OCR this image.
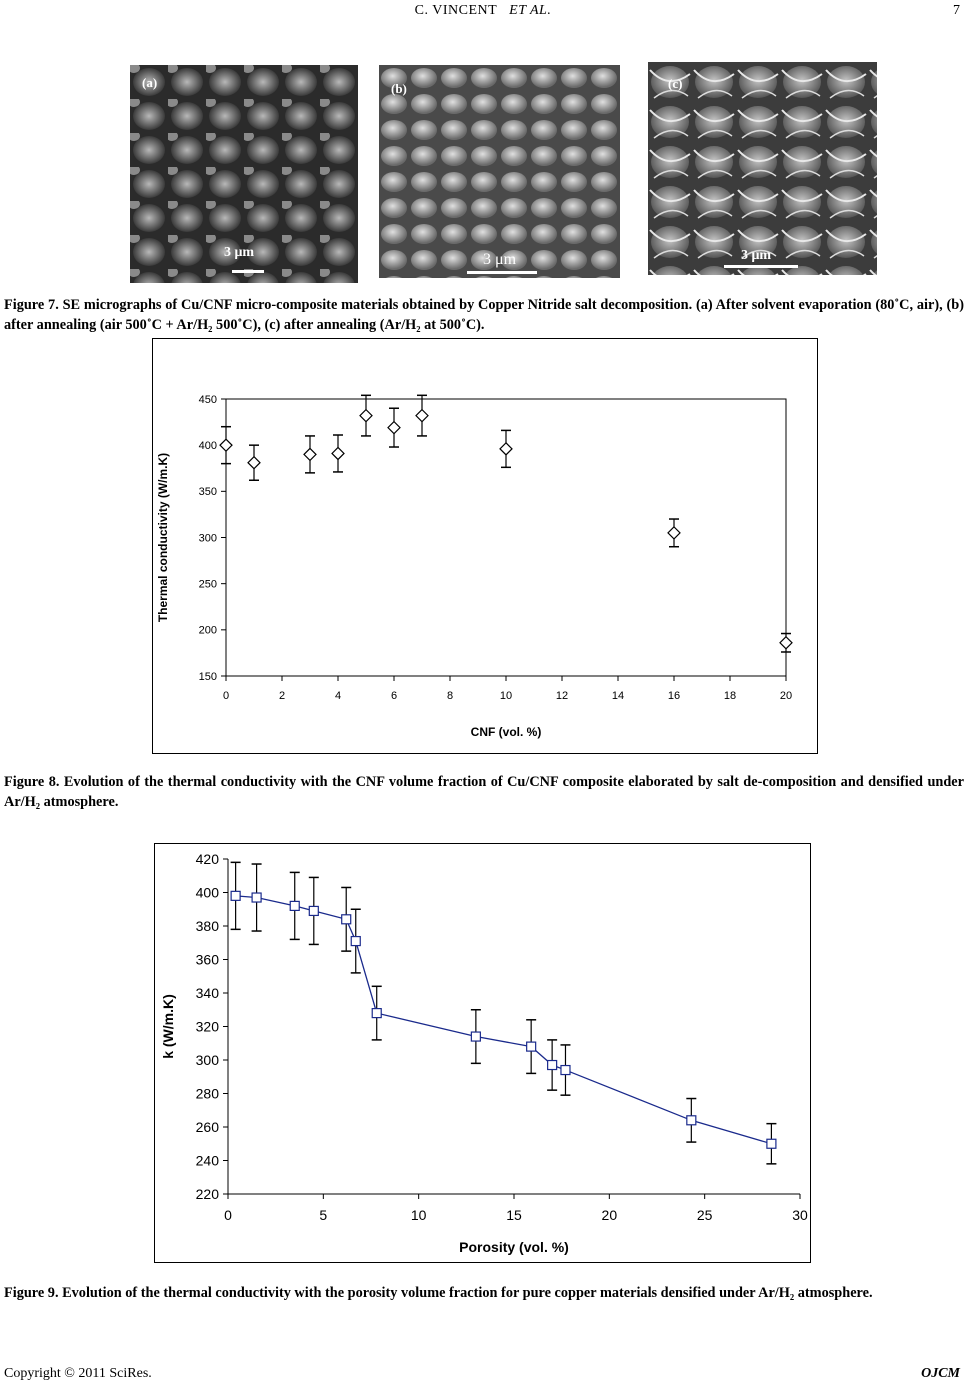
C. VINCENT ET AL.	7
(a)
3 μm
(b)
3 μm
(c)
3 μm
Figure 7. SE micrographs of Cu/CNF micro-composite materials obtained by Copper Nitride salt decomposition. (a) After solvent evaporation (80˚C, air), (b) after annealing (air 500˚C + Ar/H₂ 500˚C), (c) after annealing (Ar/H₂ at 500˚C).
150
200
250
300
350
400
450
0	2	4	6	8	10	12	14	16	18	20
CNF (vol. %)
Thermal conductivity (W/m.K)
Figure 8. Evolution of the thermal conductivity with the CNF volume fraction of Cu/CNF composite elaborated by salt de-composition and densified under Ar/H₂ atmosphere.
220
240
260
280
300
320
340
360
380
400
420
0	5	10	15	20	25	30
Porosity (vol. %)
k (W/m.K)
Figure 9. Evolution of the thermal conductivity with the porosity volume fraction for pure copper materials densified under Ar/H₂ atmosphere.
Copyright © 2011 SciRes.	OJCM
